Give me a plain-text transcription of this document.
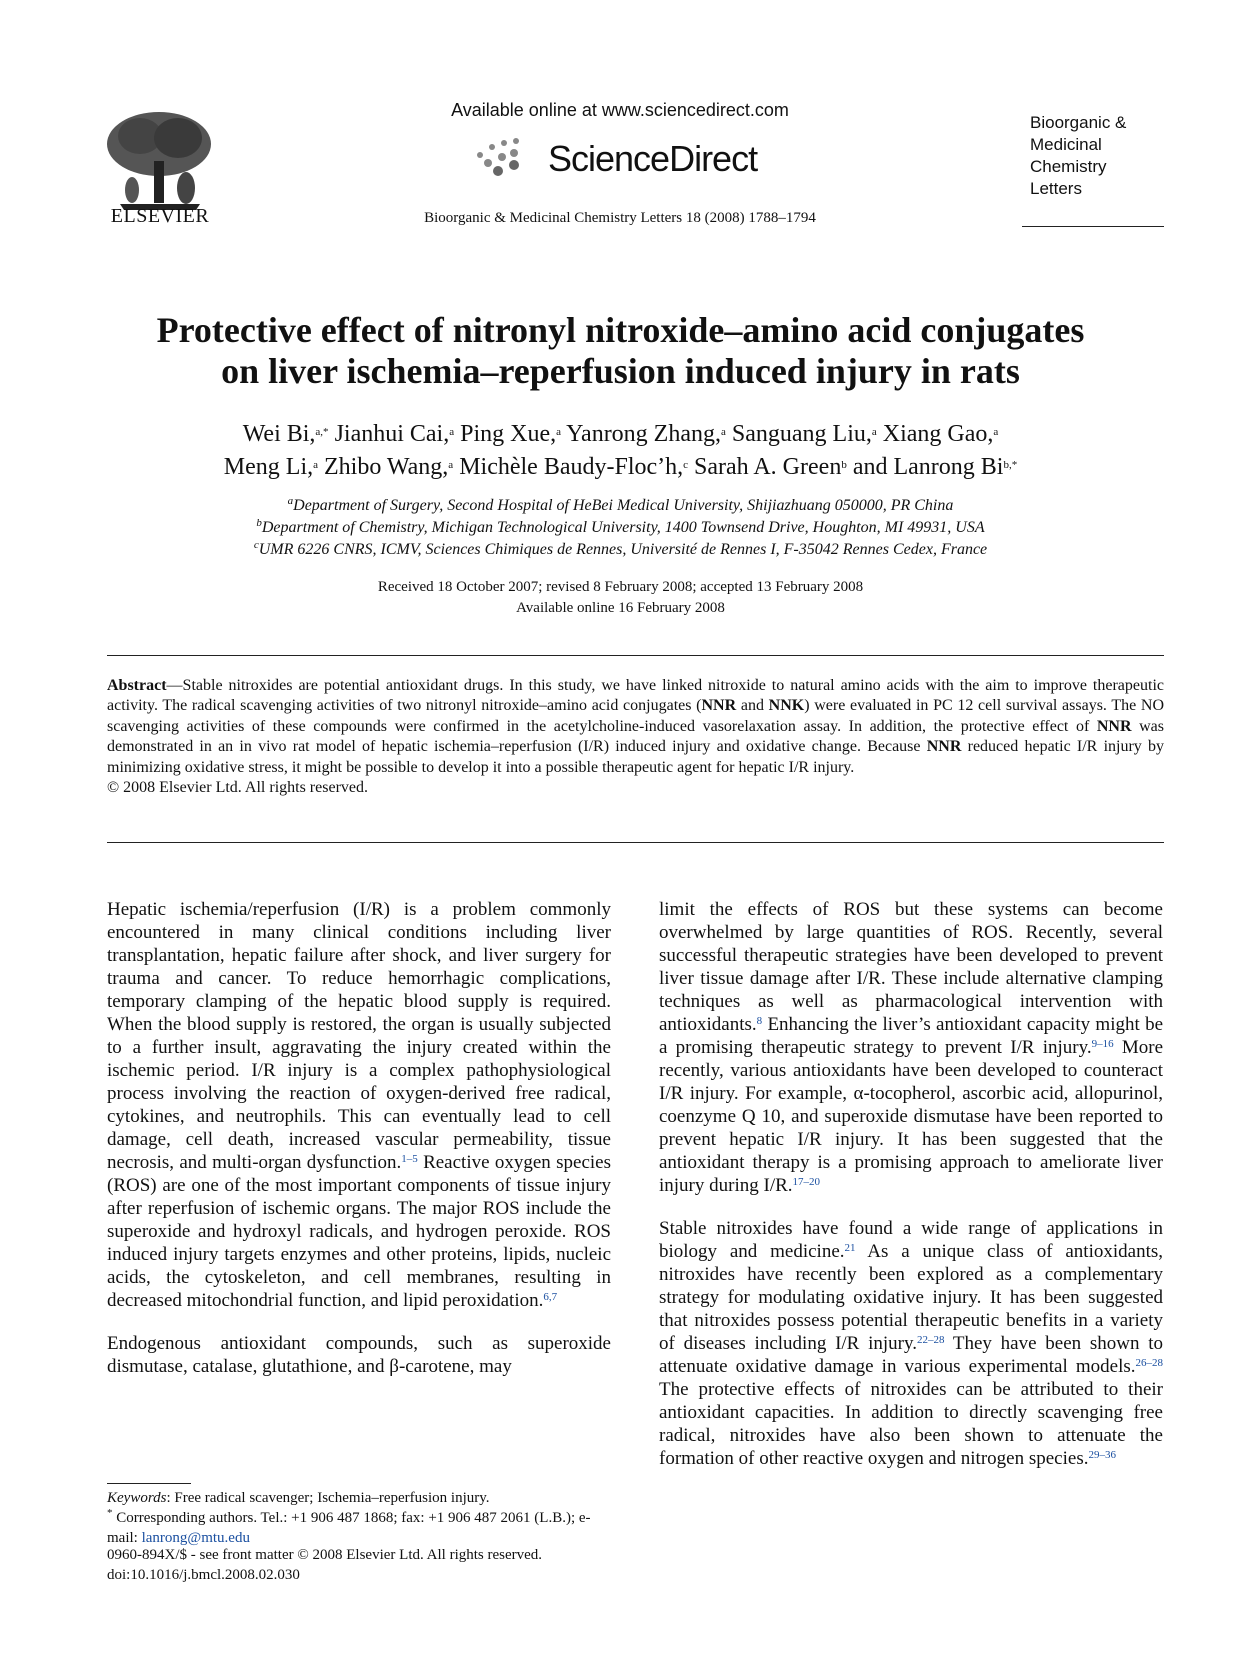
ELSEVIER
Available online at www.sciencedirect.com
ScienceDirect
Bioorganic & Medicinal Chemistry Letters 18 (2008) 1788–1794
Bioorganic &
Medicinal
Chemistry
Letters
Protective effect of nitronyl nitroxide–amino acid conjugates
on liver ischemia–reperfusion induced injury in rats
Wei Bi,$^{a,*}$ Jianhui Cai,$^a$ Ping Xue,$^a$ Yanrong Zhang,$^a$ Sanguang Liu,$^a$ Xiang Gao,$^a$
Meng Li,$^a$ Zhibo Wang,$^a$ Michèle Baudy-Floc’h,$^c$ Sarah A. Green$^b$ and Lanrong $Bi^{b,*}$
$^a$Department of Surgery, Second Hospital of HeBei Medical University, Shijiazhuang 050000, PR China
$^b$Department of Chemistry, Michigan Technological University, 1400 Townsend Drive, Houghton, MI 49931, USA
$^c$UMR 6226 CNRS, ICMV, Sciences Chimiques de Rennes, Université de Rennes I, F-35042 Rennes Cedex, France
Received 18 October 2007; revised 8 February 2008; accepted 13 February 2008
Available online 16 February 2008
Abstract—Stable nitroxides are potential antioxidant drugs. In this study, we have linked nitroxide to natural amino acids with the aim to improve therapeutic activity. The radical scavenging activities of two nitronyl nitroxide–amino acid conjugates (NNR and NNK) were evaluated in PC 12 cell survival assays. The NO scavenging activities of these compounds were confirmed in the acetylcholine-induced vasorelaxation assay. In addition, the protective effect of NNR was demonstrated in an in vivo rat model of hepatic ischemia–reperfusion (I/R) induced injury and oxidative change. Because NNR reduced hepatic I/R injury by minimizing oxidative stress, it might be possible to develop it into a possible therapeutic agent for hepatic I/R injury.
© 2008 Elsevier Ltd. All rights reserved.

Hepatic ischemia/reperfusion (I/R) is a problem commonly encountered in many clinical conditions including liver transplantation, hepatic failure after shock, and liver surgery for trauma and cancer. To reduce hemorrhagic complications, temporary clamping of the hepatic blood supply is required. When the blood supply is restored, the organ is usually subjected to a further insult, aggravating the injury created within the ischemic period. I/R injury is a complex pathophysiological process involving the reaction of oxygen-derived free radical, cytokines, and neutrophils. This can eventually lead to cell damage, cell death, increased vascular permeability, tissue necrosis, and multi-organ dysfunction.$^{1-5}$ Reactive oxygen species (ROS) are one of the most important components of tissue injury after reperfusion of ischemic organs. The major ROS include the superoxide and hydroxyl radicals, and hydrogen peroxide. ROS induced injury targets enzymes and other proteins, lipids, nucleic acids, the cytoskeleton, and cell membranes, resulting in decreased mitochondrial function, and lipid peroxidation.$^{6,7}$

Endogenous antioxidant compounds, such as superoxide dismutase, catalase, glutathione, and β-carotene, may

limit the effects of ROS but these systems can become overwhelmed by large quantities of ROS. Recently, several successful therapeutic strategies have been developed to prevent liver tissue damage after I/R. These include alternative clamping techniques as well as pharmacological intervention with antioxidants.$^8$ Enhancing the liver’s antioxidant capacity might be a promising therapeutic strategy to prevent I/R injury.$^{9-16}$ More recently, various antioxidants have been developed to counteract I/R injury. For example, α-tocopherol, ascorbic acid, allopurinol, coenzyme Q 10, and superoxide dismutase have been reported to prevent hepatic I/R injury. It has been suggested that the antioxidant therapy is a promising approach to ameliorate liver injury during I/R.$^{17-20}$

Stable nitroxides have found a wide range of applications in biology and medicine.$^{21}$ As a unique class of antioxidants, nitroxides have recently been explored as a complementary strategy for modulating oxidative injury. It has been suggested that nitroxides possess potential therapeutic benefits in a variety of diseases including I/R injury.$^{22-28}$ They have been shown to attenuate oxidative damage in various experimental models.$^{26-28}$ The protective effects of nitroxides can be attributed to their antioxidant capacities. In addition to directly scavenging free radical, nitroxides have also been shown to attenuate the formation of other reactive oxygen and nitrogen species.$^{29-36}$

Keywords: Free radical scavenger; Ischemia–reperfusion injury.
* Corresponding authors. Tel.: +1 906 487 1868; fax: +1 906 487 2061 (L.B.); e-mail: lanrong@mtu.edu
0960-894X/$ - see front matter © 2008 Elsevier Ltd. All rights reserved.
doi:10.1016/j.bmcl.2008.02.030
